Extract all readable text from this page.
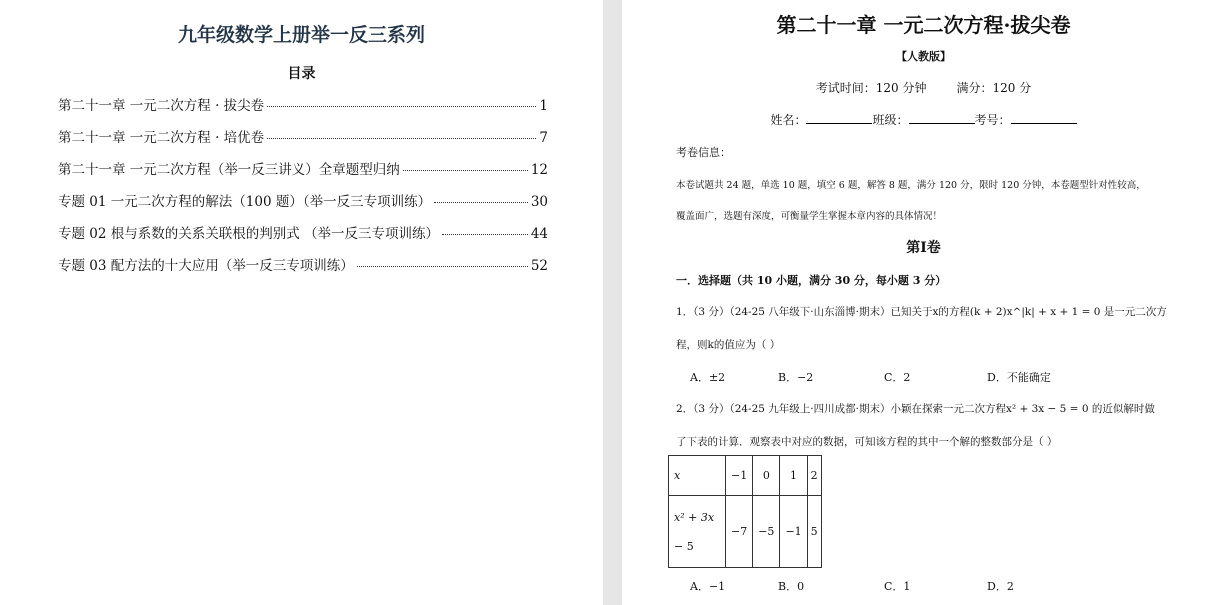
九年级数学上册举一反三系列
目录
第二十一章 一元二次方程 · 拔尖卷	1
第二十一章 一元二次方程 · 培优卷	7
第二十一章 一元二次方程（举一反三讲义）全章题型归纳	12
专题 01 一元二次方程的解法（100 题）（举一反三专项训练）	30
专题 02 根与系数的关系关联根的判别式 （举一反三专项训练）	44
专题 03 配方法的十大应用（举一反三专项训练）	52
第二十一章 一元二次方程·拔尖卷
【人教版】
考试时间：120 分钟	满分：120 分
姓名：	班级：	考号：
考卷信息：
本卷试题共 24 题，单选 10 题，填空 6 题，解答 8 题，满分 120 分，限时 120 分钟，本卷题型针对性较高，
覆盖面广，选题有深度，可衡量学生掌握本章内容的具体情况！
第Ⅰ卷
一．选择题（共 10 小题，满分 30 分，每小题 3 分）
1．（3 分）（24-25 八年级下·山东淄博·期末）已知关于x的方程(k + 2)x^|k| + x + 1 = 0 是一元二次方
程，则k的值应为（ ）
A．±2	B．−2	C．2	D．不能确定
2．（3 分）（24-25 九年级上·四川成都·期末）小颖在探索一元二次方程x² + 3x − 5 = 0 的近似解时做
了下表的计算．观察表中对应的数据，可知该方程的其中一个解的整数部分是（ ）
A．−1	B．0	C．1	D．2
x	−1	0	1	2

x² + 3x
− 5	−7	−5	−1	5
